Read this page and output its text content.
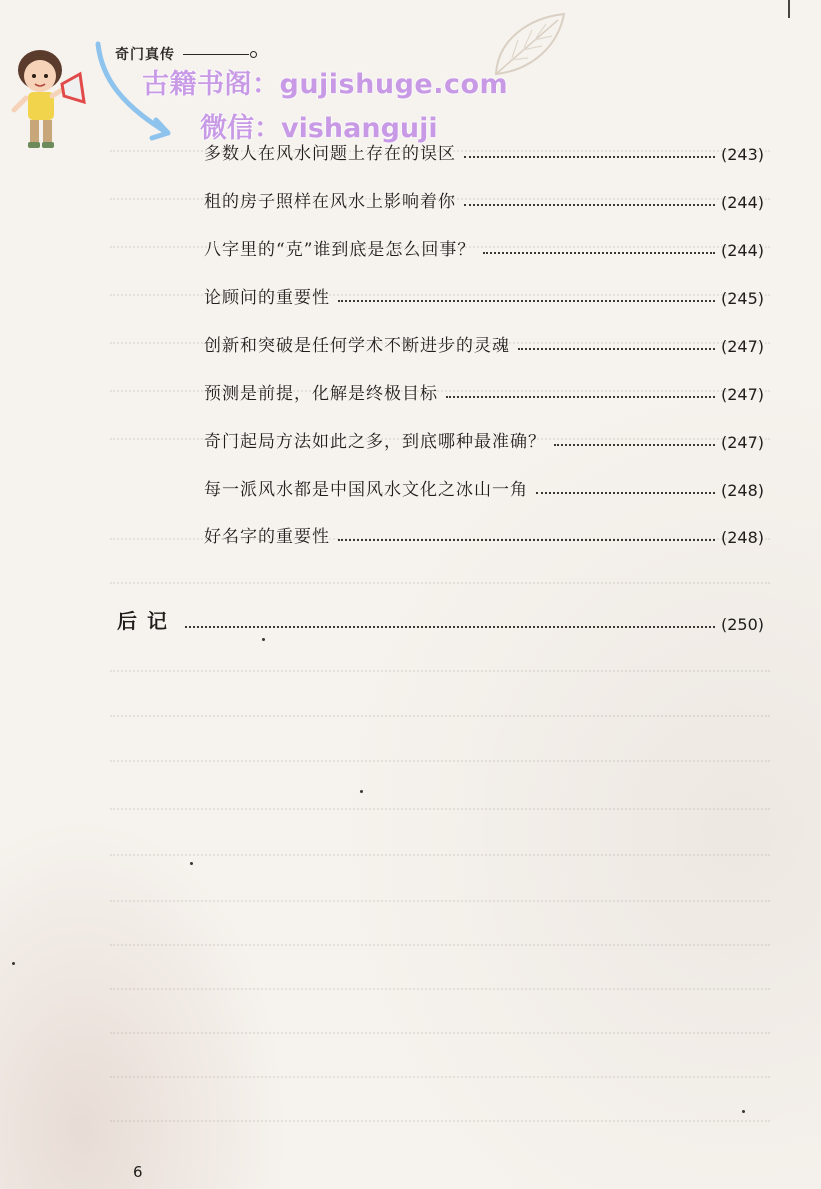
奇门真传
古籍书阁：gujishuge.com
微信：vishanguji
多数人在风水问题上存在的误区	(243)
租的房子照样在风水上影响着你	(244)
八字里的“克”谁到底是怎么回事？	(244)
论顾问的重要性	(245)
创新和突破是任何学术不断进步的灵魂	(247)
预测是前提，化解是终极目标	(247)
奇门起局方法如此之多，到底哪种最准确？	(247)
每一派风水都是中国风水文化之冰山一角	(248)
好名字的重要性	(248)
后记	(250)
6
